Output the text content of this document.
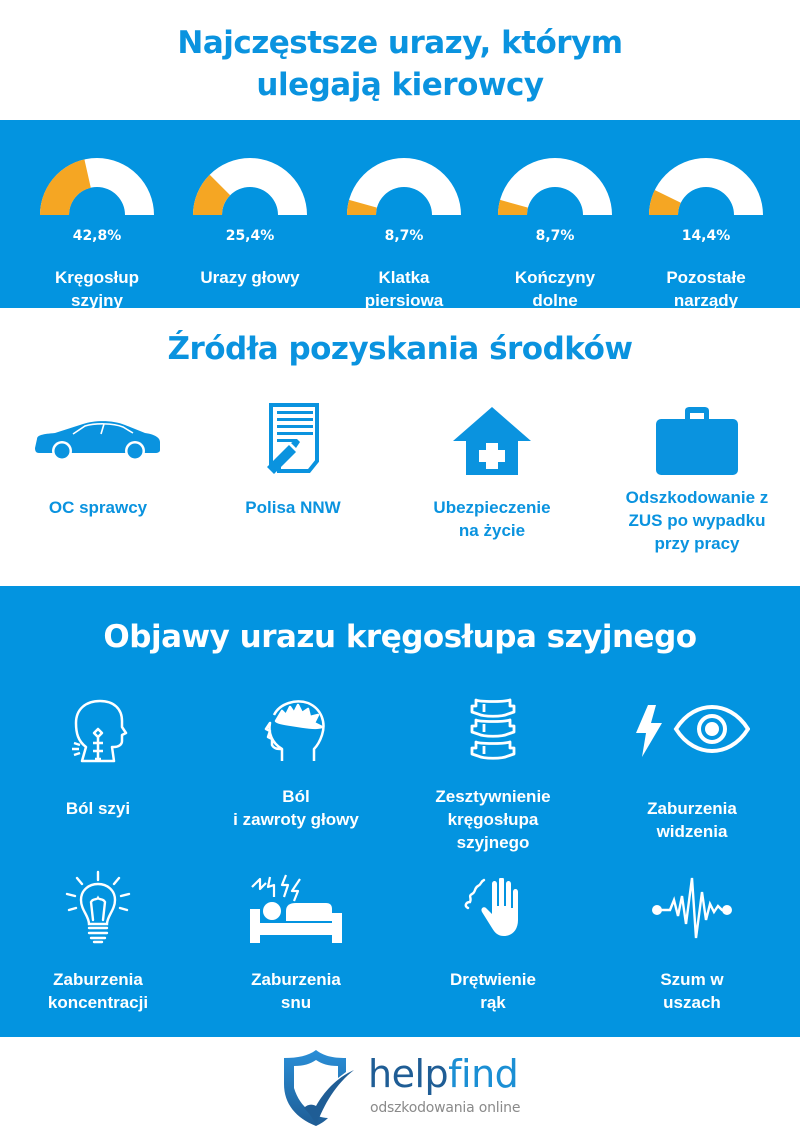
Najczęstsze urazy, którym
ulegają kierowcy
42,8%
Kręgosłup
szyjny
25,4%
Urazy głowy
8,7%
Klatka
piersiowa
8,7%
Kończyny
dolne
14,4%
Pozostałe
narządy
Źródła pozyskania środków
OC sprawcy	Polisa NNW	Ubezpieczenie
na życie
Odszkodowanie z
ZUS po wypadku
przy pracy
Objawy urazu kręgosłupa szyjnego
Ból szyi
Ból
i zawroty głowy
Zesztywnienie
kręgosłupa
szyjnego
Zaburzenia
widzenia
Zaburzenia
koncentracji
Zaburzenia
snu
Drętwienie
rąk
Szum w
uszach
helpfind
odszkodowania online
